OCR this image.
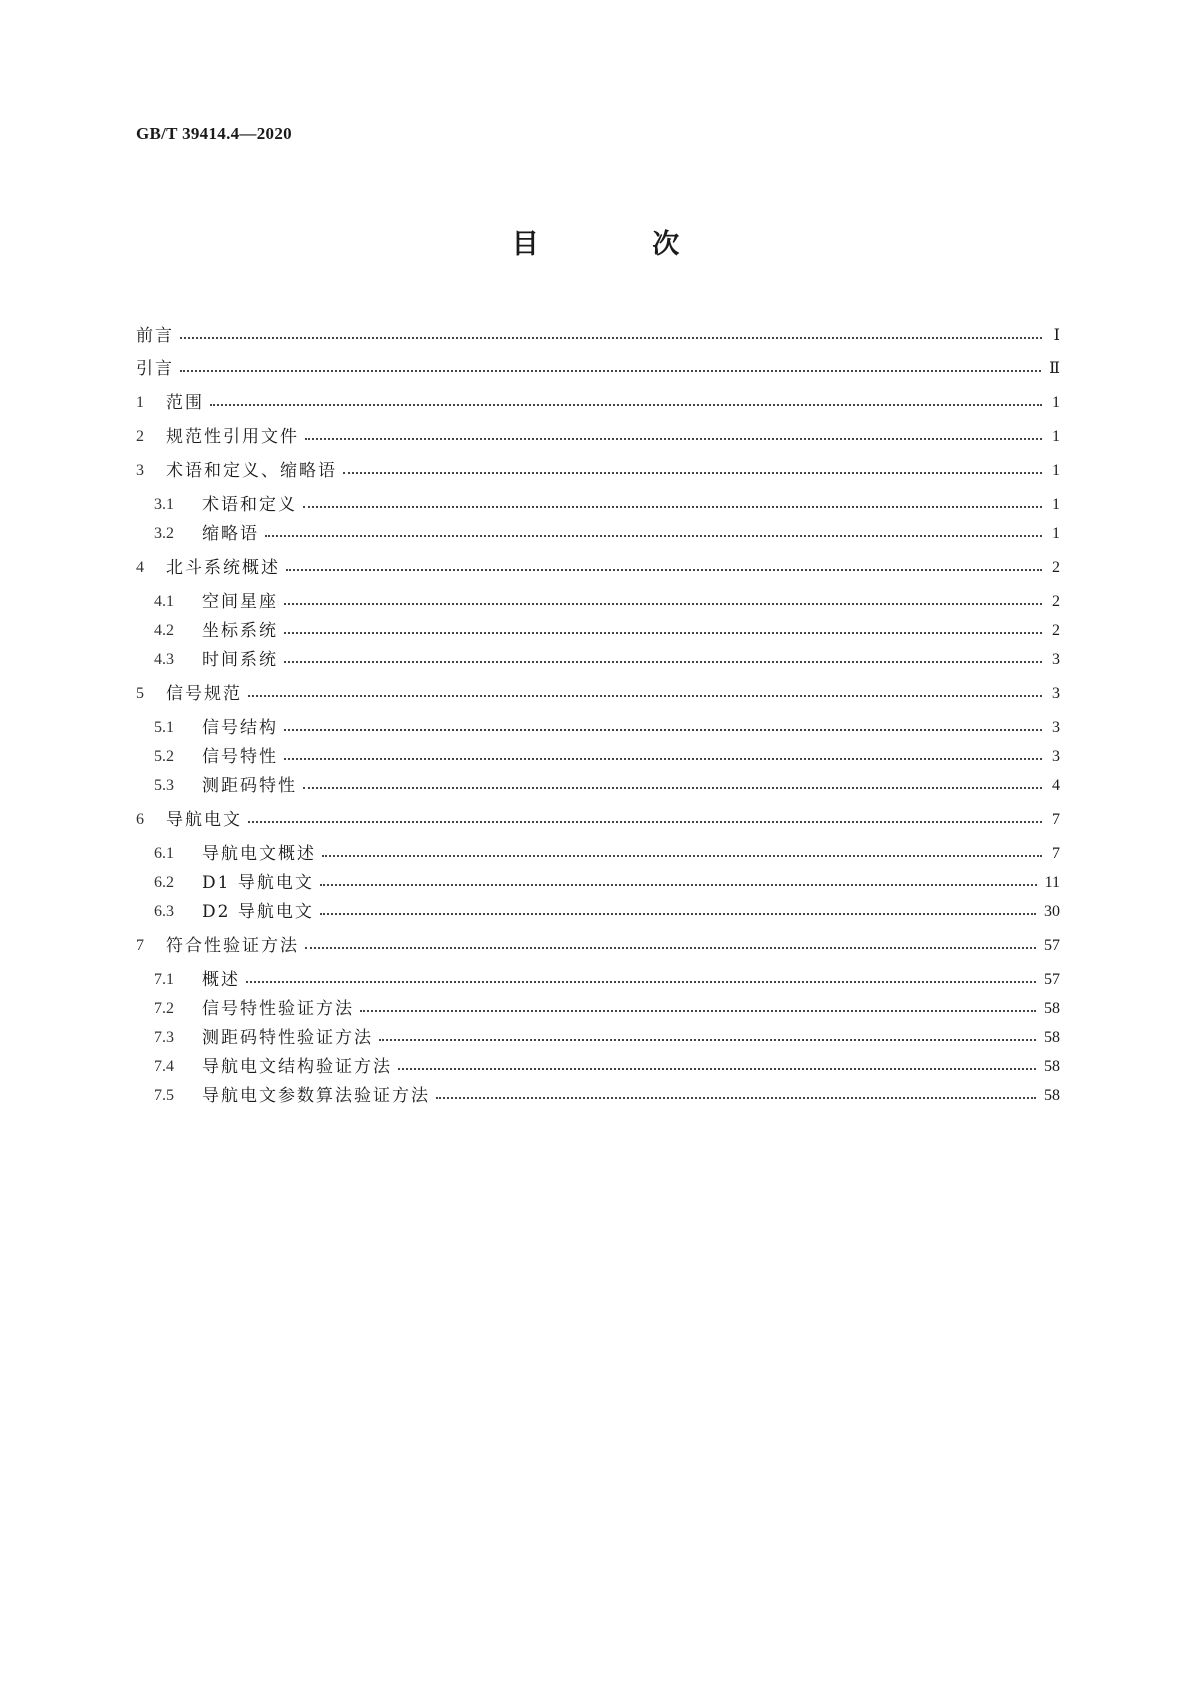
GB/T 39414.4—2020
目 次
前言	Ⅰ
引言	Ⅱ
1	范围	1
2	规范性引用文件	1
3	术语和定义、缩略语	1
3.1	术语和定义	1
3.2	缩略语	1
4	北斗系统概述	2
4.1	空间星座	2
4.2	坐标系统	2
4.3	时间系统	3
5	信号规范	3
5.1	信号结构	3
5.2	信号特性	3
5.3	测距码特性	4
6	导航电文	7
6.1	导航电文概述	7
6.2	D1 导航电文	11
6.3	D2 导航电文	30
7	符合性验证方法	57
7.1	概述	57
7.2	信号特性验证方法	58
7.3	测距码特性验证方法	58
7.4	导航电文结构验证方法	58
7.5	导航电文参数算法验证方法	58
